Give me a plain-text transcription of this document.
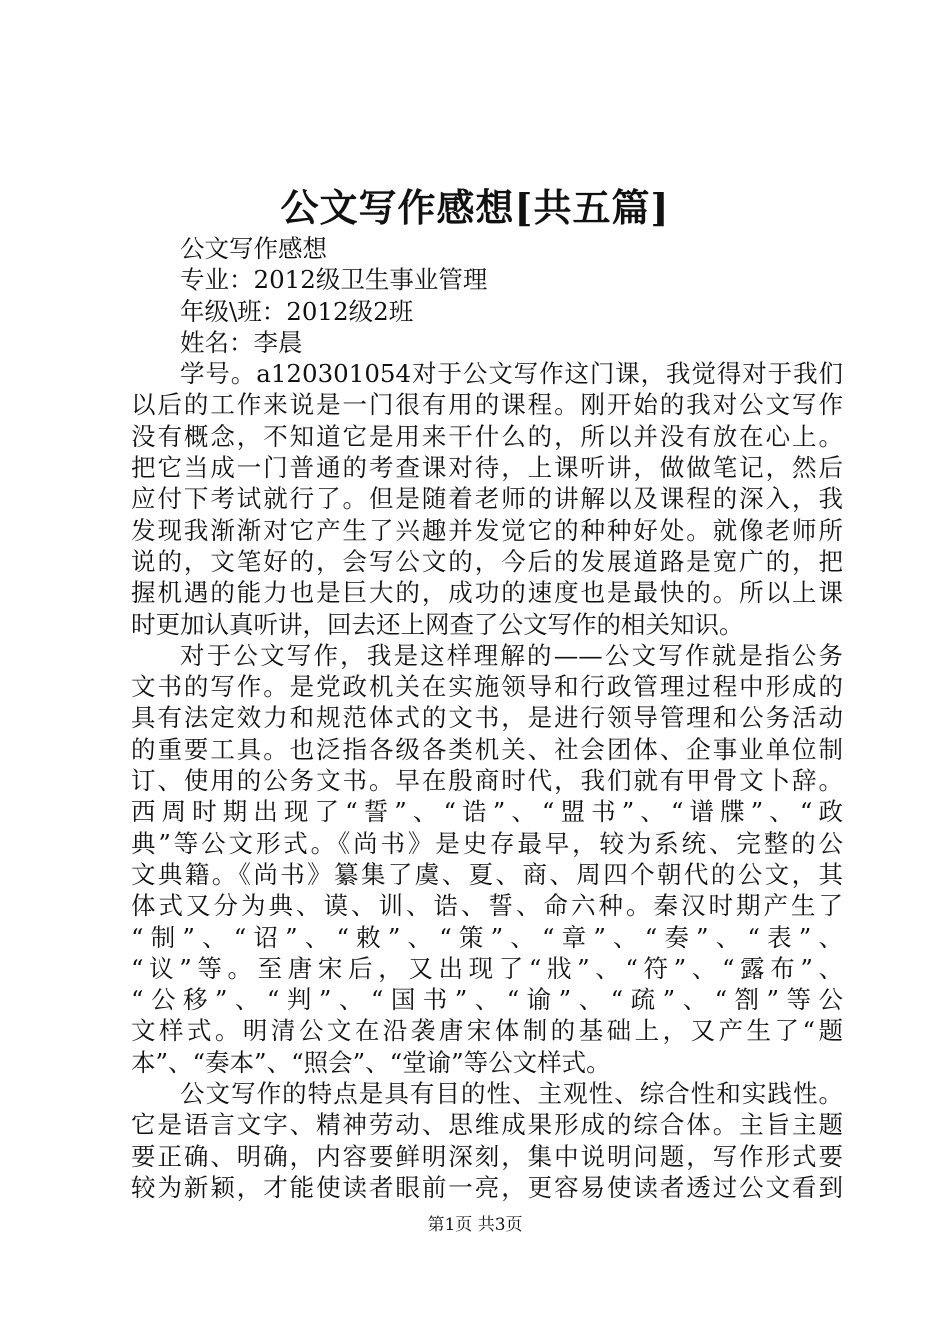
公文写作感想[共五篇]
公文写作感想
专业：2012级卫生事业管理
年级\班：2012级2班
姓名：李晨
学号。a120301054对于公文写作这门课，我觉得对于我们
以后的工作来说是一门很有用的课程。刚开始的我对公文写作
没有概念，不知道它是用来干什么的，所以并没有放在心上。
把它当成一门普通的考查课对待，上课听讲，做做笔记，然后
应付下考试就行了。但是随着老师的讲解以及课程的深入，我
发现我渐渐对它产生了兴趣并发觉它的种种好处。就像老师所
说的，文笔好的，会写公文的，今后的发展道路是宽广的，把
握机遇的能力也是巨大的，成功的速度也是最快的。所以上课
时更加认真听讲，回去还上网查了公文写作的相关知识。
对于公文写作，我是这样理解的——公文写作就是指公务
文书的写作。是党政机关在实施领导和行政管理过程中形成的
具有法定效力和规范体式的文书，是进行领导管理和公务活动
的重要工具。也泛指各级各类机关、社会团体、企事业单位制
订、使用的公务文书。早在殷商时代，我们就有甲骨文卜辞。
西周时期出现了“誓”、“诰”、“盟书”、“谱牒”、“政
典”等公文形式。《尚书》是史存最早，较为系统、完整的公
文典籍。《尚书》纂集了虞、夏、商、周四个朝代的公文，其
体式又分为典、谟、训、诰、誓、命六种。秦汉时期产生了
“制”、“诏”、“敕”、“策”、“章”、“奏”、“表”、
“议”等。至唐宋后，又出现了“戕”、“符”、“露布”、
“公移”、“判”、“国书”、“谕”、“疏”、“劄”等公
文样式。明清公文在沿袭唐宋体制的基础上，又产生了“题
本”、“奏本”、“照会”、“堂谕”等公文样式。
公文写作的特点是具有目的性、主观性、综合性和实践性。
它是语言文字、精神劳动、思维成果形成的综合体。主旨主题
要正确、明确，内容要鲜明深刻，集中说明问题，写作形式要
较为新颖，才能使读者眼前一亮，更容易使读者透过公文看到
第1页 共3页
